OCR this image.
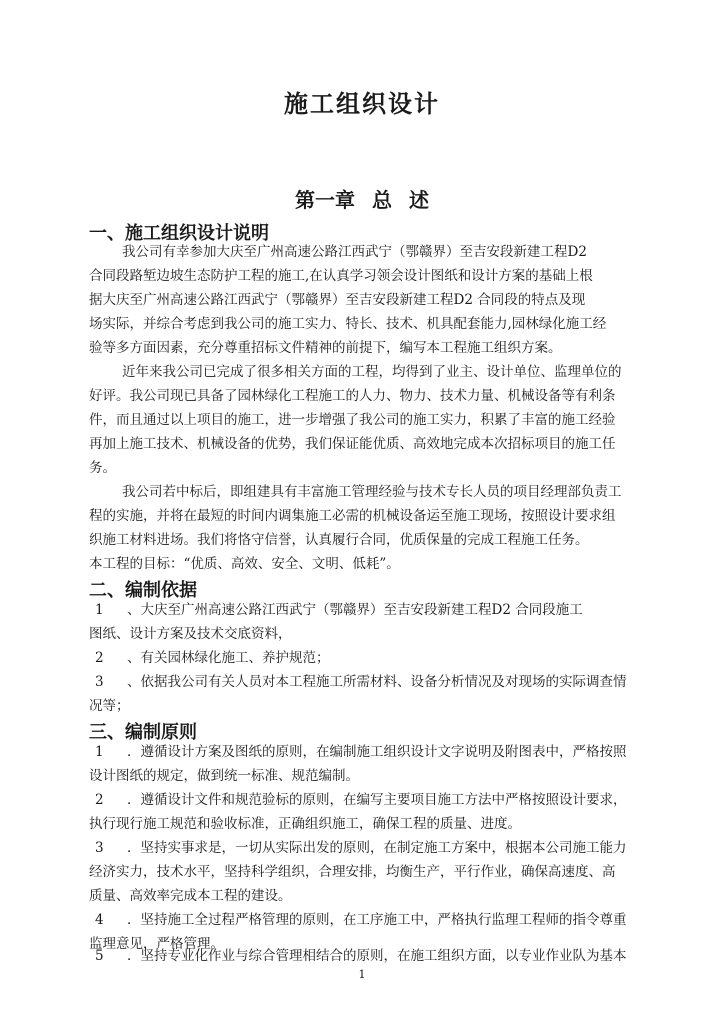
施工组织设计
第一章 总 述
一、施工组织设计说明
我公司有幸参加大庆至广州高速公路江西武宁（鄂赣界）至吉安段新建工程D2
合同段路堑边坡生态防护工程的施工,在认真学习领会设计图纸和设计方案的基础上根
据大庆至广州高速公路江西武宁（鄂赣界）至吉安段新建工程D2 合同段的特点及现
场实际，并综合考虑到我公司的施工实力、特长、技术、机具配套能力,园林绿化施工经
验等多方面因素，充分尊重招标文件精神的前提下，编写本工程施工组织方案。
近年来我公司已完成了很多相关方面的工程，均得到了业主、设计单位、监理单位的
好评。我公司现已具备了园林绿化工程施工的人力、物力、技术力量、机械设备等有利条
件，而且通过以上项目的施工，进一步增强了我公司的施工实力，积累了丰富的施工经验
再加上施工技术、机械设备的优势，我们保证能优质、高效地完成本次招标项目的施工任
务。
我公司若中标后，即组建具有丰富施工管理经验与技术专长人员的项目经理部负责工
程的实施，并将在最短的时间内调集施工必需的机械设备运至施工现场，按照设计要求组
织施工材料进场。我们将恪守信誉，认真履行合同，优质保量的完成工程施工任务。
本工程的目标：“优质、高效、安全、文明、低耗”。
二、编制依据
1 、大庆至广州高速公路江西武宁（鄂赣界）至吉安段新建工程D2 合同段施工
图纸、设计方案及技术交底资料，
2 、有关园林绿化施工、养护规范；
3 、依据我公司有关人员对本工程施工所需材料、设备分析情况及对现场的实际调查情
况等；
三、编制原则
1 ．遵循设计方案及图纸的原则，在编制施工组织设计文字说明及附图表中，严格按照
设计图纸的规定，做到统一标准、规范编制。
2 ．遵循设计文件和规范验标的原则，在编写主要项目施工方法中严格按照设计要求，
执行现行施工规范和验收标准，正确组织施工，确保工程的质量、进度。
3 ．坚持实事求是，一切从实际出发的原则，在制定施工方案中，根据本公司施工能力
经济实力，技术水平，坚持科学组织，合理安排，均衡生产，平行作业，确保高速度、高
质量、高效率完成本工程的建设。
4 ．坚持施工全过程严格管理的原则，在工序施工中，严格执行监理工程师的指令尊重
监理意见，严格管理。
5 ．坚持专业化作业与综合管理相结合的原则，在施工组织方面，以专业作业队为基本
1
